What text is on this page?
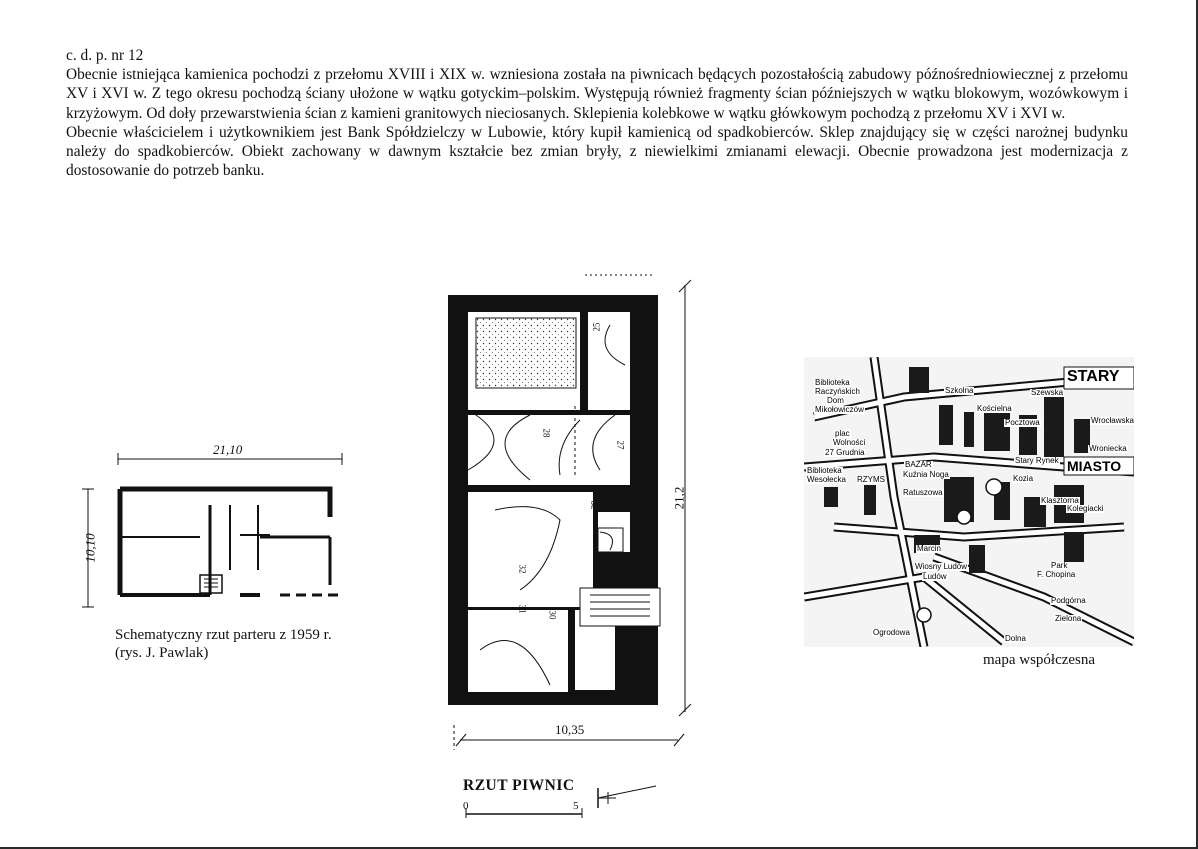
c. d. p. nr 12

Obecnie istniejąca kamienica pochodzi z przełomu XVIII i XIX w. wzniesiona została na piwnicach będących pozostałością zabudowy późnośredniowiecznej z przełomu XV i XVI w. Z tego okresu pochodzą ściany ułożone w wątku gotyckim–polskim. Występują również fragmenty ścian późniejszych w wątku blokowym, wozówkowym i krzyżowym. Od doły przewarstwienia ścian z kamieni granitowych nieciosanych. Sklepienia kolebkowe w wątku główkowym pochodzą z przełomu XV i XVI w.

Obecnie właścicielem i użytkownikiem jest Bank Spółdzielczy w Lubowie, który kupił kamienicą od spadkobierców. Sklep znajdujący się w części narożnej budynku należy do spadkobierców. Obiekt zachowany w dawnym kształcie bez zmian bryły, z niewielkimi zmianami elewacji. Obecnie prowadzona jest modernizacja z dostosowanie do potrzeb banku.

21,10
10,10
Schematyczny rzut parteru z 1959 r.
(rys. J. Pawlak)
25
28
27
29
32
31
30
21,2
10,35
RZUT PIWNIC
0	5
Biblioteka
Raczyńskich
Dom
Mikołowiczów
plac
Wolności
27 Grudnia
Biblioteka
Wesołecka RZYMS
BAZAR
Kuźnia Noga
Ratuszowa
STARY
Stary Rynek MIASTO
Park
F. Chopina
Zielona
Dolna
Ogrodowa
Szewska
Wrocławska
Kozia
Wiosny Ludów
Marcin
Podgórna
Ludów
Kościelna
Pocztowa
Szkolna
Klasztorna
Kolegiacki
Wroniecka
mapa współczesna
